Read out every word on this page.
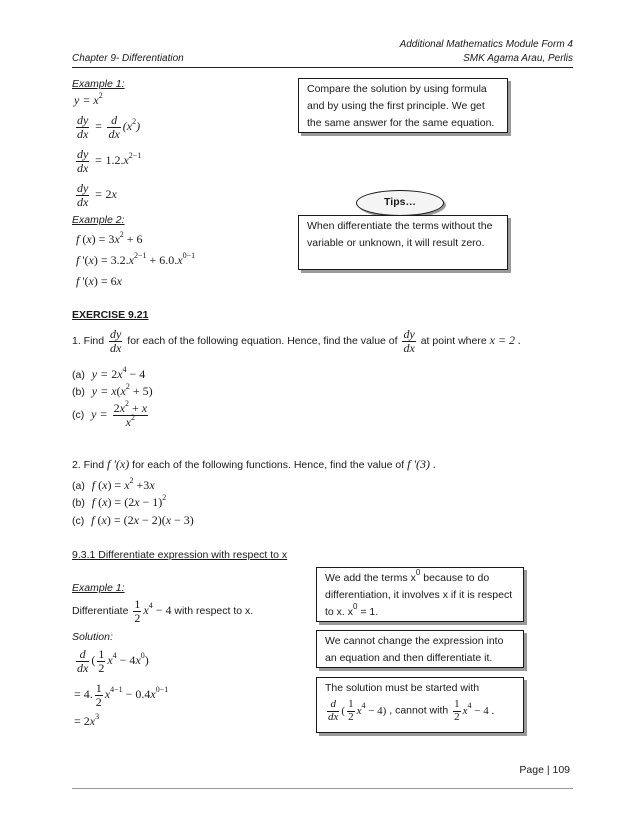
Additional Mathematics Module Form 4
Chapter 9- Differentiation	SMK Agama Arau, Perlis
Example 1:
$y = x^2$
$\frac{dy}{dx} = \frac{d}{dx} (x^2)$
$\frac{dy}{dx} = 1.2.x^{2-1}$
$\frac{dy}{dx} = 2x$
Example 2:
f $(x) = 3x^2 + 6$
f '$(x) = 3.2.x^{2-1} + 6.0.x^{0-1}$
f '(x) = 6x

Compare the solution by using formula and by using the first principle. We get the same answer for the same equation.

Tips…

When differentiate the terms without the variable or unknown, it will result zero.

EXERCISE 9.21
1. Find $\frac{dy}{dx}$ for each of the following equation. Hence, find the value of $\frac{dy}{dx}$ at point where x = 2 .
(a) $y = 2x^4 - 4$
(b) $y = x(x^2 + 5)$
(c) $y = \frac{2x^2 + x}{x^2}$
2. Find f '(x) for each of the following functions. Hence, find the value of f '(3) .
(a) f $(x) = x^2 +3x$
(b) f $(x) = (2x - 1)^2$
(c) f (x) = (2x − 2)(x − 3)
9.3.1 Differentiate expression with respect to x
Example 1:
Differentiate $\frac{1}{2} x^4 - 4$ with respect to x.
Solution:
$\frac{d}{dx}$ ( $\frac{1}{2} x^4 - 4x^0$)
= 4. $\frac{1}{2} x^{4-1} - 0.4x^{0-1}$
= $2x^3$

We add the terms $x^0$ because to do differentiation, it involves x if it is respect to x. $x^0 = 1$.

We cannot change the expression into an equation and then differentiate it.

The solution must be started with

$\frac{d}{dx}$ ( $\frac{1}{2} x^4 - 4$) , cannot with $\frac{1}{2} x^4 - 4$ .

Page | 109
